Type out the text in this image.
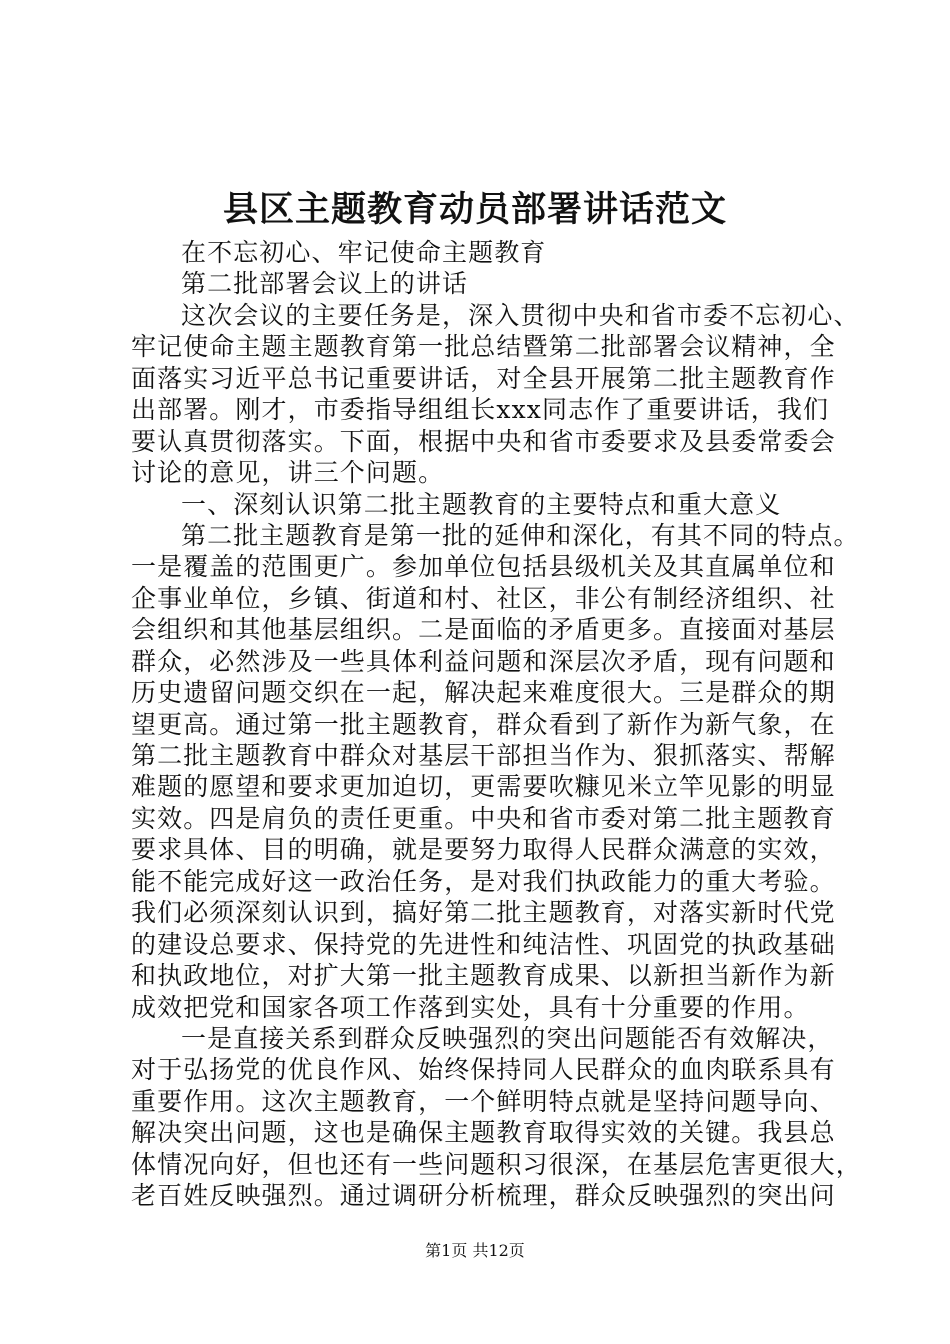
县区主题教育动员部署讲话范文
在不忘初心、牢记使命主题教育
第二批部署会议上的讲话
这次会议的主要任务是，深入贯彻中央和省市委不忘初心、
牢记使命主题主题教育第一批总结暨第二批部署会议精神，全
面落实习近平总书记重要讲话，对全县开展第二批主题教育作
出部署。刚才，市委指导组组长xxx同志作了重要讲话，我们
要认真贯彻落实。下面，根据中央和省市委要求及县委常委会
讨论的意见，讲三个问题。
一、深刻认识第二批主题教育的主要特点和重大意义
第二批主题教育是第一批的延伸和深化，有其不同的特点。
一是覆盖的范围更广。参加单位包括县级机关及其直属单位和
企事业单位，乡镇、街道和村、社区，非公有制经济组织、社
会组织和其他基层组织。二是面临的矛盾更多。直接面对基层
群众，必然涉及一些具体利益问题和深层次矛盾，现有问题和
历史遗留问题交织在一起，解决起来难度很大。三是群众的期
望更高。通过第一批主题教育，群众看到了新作为新气象，在
第二批主题教育中群众对基层干部担当作为、狠抓落实、帮解
难题的愿望和要求更加迫切，更需要吹糠见米立竿见影的明显
实效。四是肩负的责任更重。中央和省市委对第二批主题教育
要求具体、目的明确，就是要努力取得人民群众满意的实效，
能不能完成好这一政治任务，是对我们执政能力的重大考验。
我们必须深刻认识到，搞好第二批主题教育，对落实新时代党
的建设总要求、保持党的先进性和纯洁性、巩固党的执政基础
和执政地位，对扩大第一批主题教育成果、以新担当新作为新
成效把党和国家各项工作落到实处，具有十分重要的作用。
一是直接关系到群众反映强烈的突出问题能否有效解决，
对于弘扬党的优良作风、始终保持同人民群众的血肉联系具有
重要作用。这次主题教育，一个鲜明特点就是坚持问题导向、
解决突出问题，这也是确保主题教育取得实效的关键。我县总
体情况向好，但也还有一些问题积习很深，在基层危害更很大，
老百姓反映强烈。通过调研分析梳理，群众反映强烈的突出问
第1页 共12页
